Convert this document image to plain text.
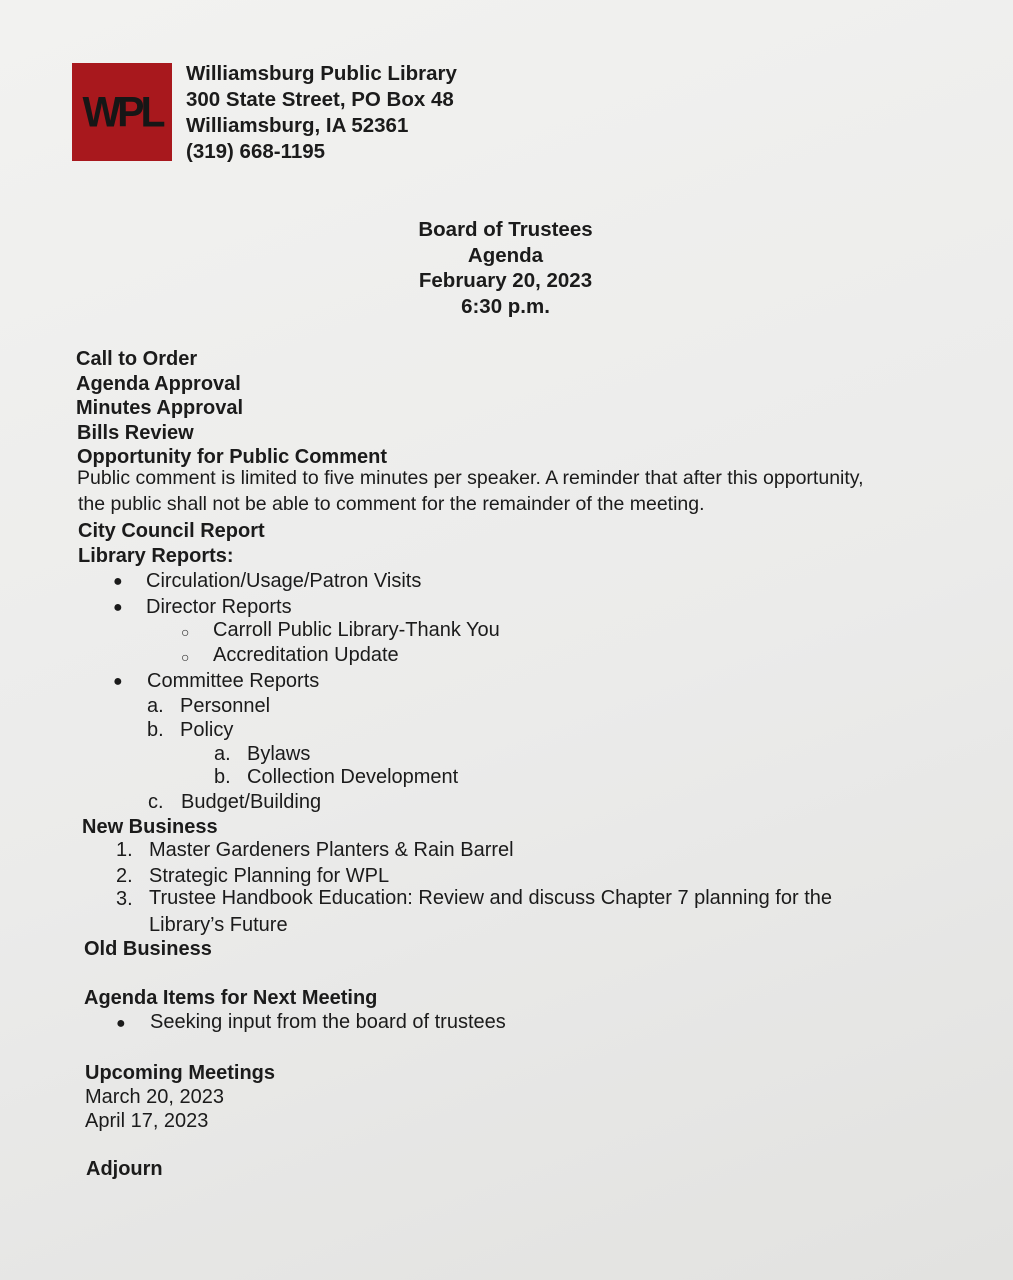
WPL
Williamsburg Public Library
300 State Street, PO Box 48
Williamsburg, IA 52361
(319) 668-1195
Board of Trustees
Agenda
February 20, 2023
6:30 p.m.
Call to Order
Agenda Approval
Minutes Approval
Bills Review
Opportunity for Public Comment
Public comment is limited to five minutes per speaker. A reminder that after this opportunity,
the public shall not be able to comment for the remainder of the meeting.
City Council Report
Library Reports:
● Circulation/Usage/Patron Visits
● Director Reports
○ Carroll Public Library-Thank You
○ Accreditation Update
● Committee Reports
a. Personnel
b. Policy
a. Bylaws
b. Collection Development
c. Budget/Building
New Business
1. Master Gardeners Planters & Rain Barrel
2. Strategic Planning for WPL
3. Trustee Handbook Education: Review and discuss Chapter 7 planning for the
Library’s Future
Old Business
Agenda Items for Next Meeting
● Seeking input from the board of trustees
Upcoming Meetings
March 20, 2023
April 17, 2023
Adjourn
